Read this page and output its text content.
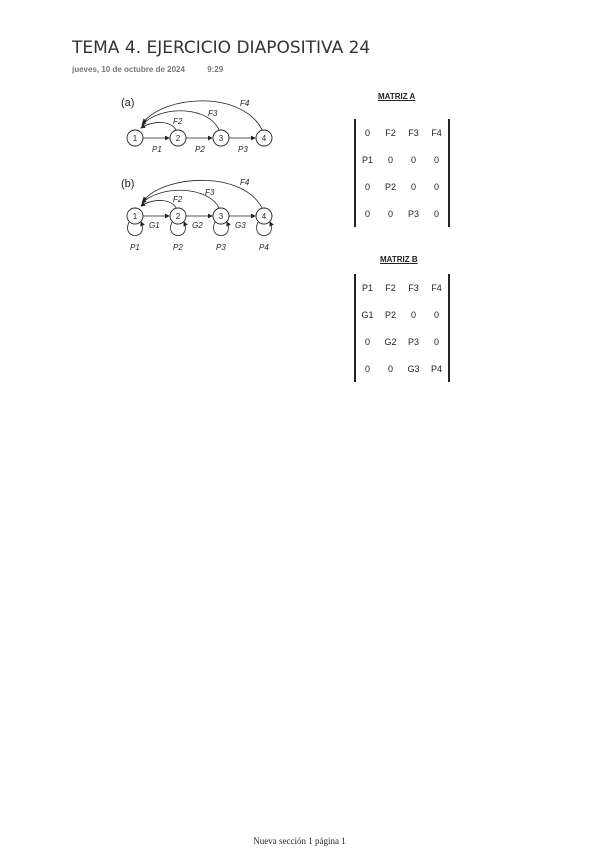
TEMA 4. EJERCICIO DIAPOSITIVA 24
jueves, 10 de octubre de 2024	9:29
(a)	F4
F3
F2
1	2	3	4
P1	P2	P3
(b)	F4
F3
F2
1	2	3	4
G1	G2	G3
P1	P2	P3	P4
MATRIZ A
0	F2	F3	F4
P1	0	0	0
0	P2	0	0
0	0	P3	0
MATRIZ B
P1	F2	F3	F4
G1	P2	0	0
0	G2	P3	0
0	0	G3	P4
Nueva sección 1 página 1
